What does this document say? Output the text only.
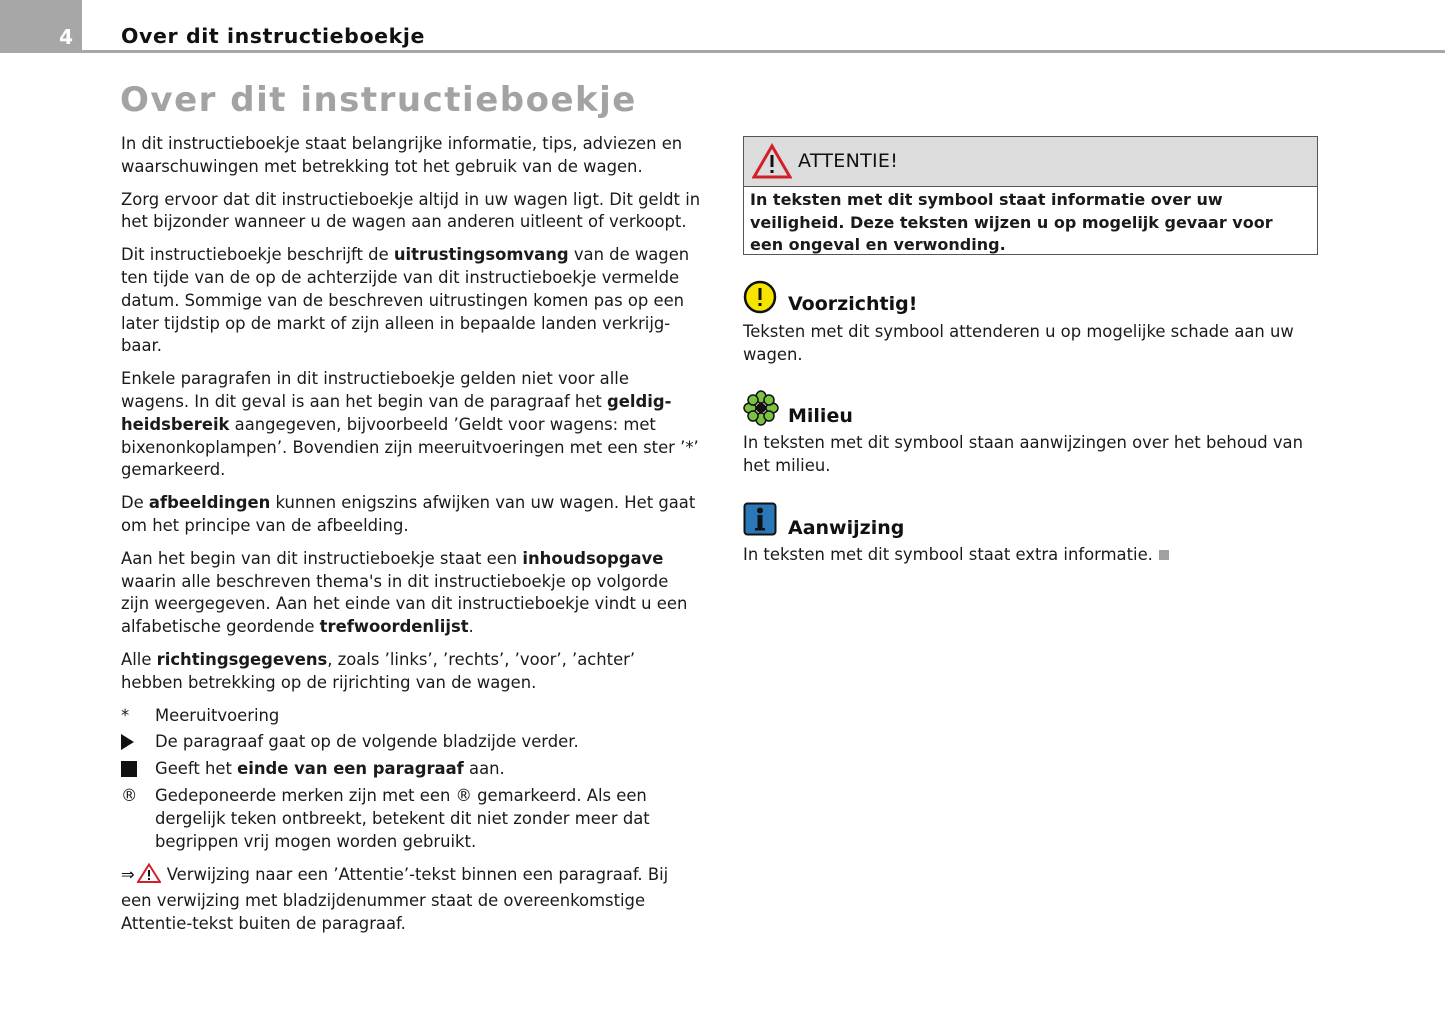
4 Over dit instructieboekje
Over dit instructieboekje

In dit instructieboekje staat belangrijke informatie, tips, adviezen en waarschuwingen met betrekking tot het gebruik van de wagen.

Zorg ervoor dat dit instructieboekje altijd in uw wagen ligt. Dit geldt in het bijzonder wanneer u de wagen aan anderen uitleent of verkoopt.

Dit instructieboekje beschrijft de uitrustingsomvang van de wagen ten tijde van de op de achterzijde van dit instructieboekje vermelde datum. Sommige van de beschreven uitrustingen komen pas op een later tijdstip op de markt of zijn alleen in bepaalde landen verkrijg-baar.

Enkele paragrafen in dit instructieboekje gelden niet voor alle wagens. In dit geval is aan het begin van de paragraaf het geldig-heidsbereik aangegeven, bijvoorbeeld ’Geldt voor wagens: met bixenonkoplampen’. Bovendien zijn meeruitvoeringen met een ster ’*’ gemarkeerd.

De afbeeldingen kunnen enigszins afwijken van uw wagen. Het gaat om het principe van de afbeelding.

Aan het begin van dit instructieboekje staat een inhoudsopgave waarin alle beschreven thema's in dit instructieboekje op volgorde zijn weergegeven. Aan het einde van dit instructieboekje vindt u een alfabetische geordende trefwoordenlijst.

Alle richtingsgegevens, zoals ’links’, ’rechts’, ’voor’, ’achter’ hebben betrekking op de rijrichting van de wagen.

*	Meeruitvoering
De paragraaf gaat op de volgende bladzijde verder.
Geeft het einde van een paragraaf aan.
® Gedeponeerde merken zijn met een ® gemarkeerd. Als een dergelijk teken ontbreekt, betekent dit niet zonder meer dat begrippen vrij mogen worden gebruikt.

⇒ Verwijzing naar een ’Attentie’-tekst binnen een paragraaf. Bij een verwijzing met bladzijdenummer staat de overeenkomstige Attentie-tekst buiten de paragraaf.

ATTENTIE!
In teksten met dit symbool staat informatie over uw veiligheid. Deze teksten wijzen u op mogelijk gevaar voor een ongeval en verwonding.
Voorzichtig!
Teksten met dit symbool attenderen u op mogelijke schade aan uw wagen.
Milieu
In teksten met dit symbool staan aanwijzingen over het behoud van het milieu.
Aanwijzing
In teksten met dit symbool staat extra informatie.
